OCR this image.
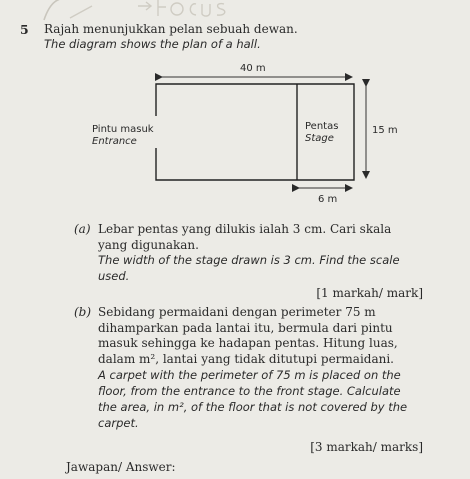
5 Rajah menunjukkan pelan sebuah dewan.
The diagram shows the plan of a hall.
40 m
15 m
6 m
Pintu masuk
Entrance
Pentas
Stage
(a) Lebar pentas yang dilukis ialah 3 cm. Cari skala
yang digunakan.
The width of the stage drawn is 3 cm. Find the scale
used.
[1 markah/ mark]
(b) Sebidang permaidani dengan perimeter 75 m
dihamparkan pada lantai itu, bermula dari pintu
masuk sehingga ke hadapan pentas. Hitung luas,
dalam m², lantai yang tidak ditutupi permaidani.
A carpet with the perimeter of 75 m is placed on the
floor, from the entrance to the front stage. Calculate
the area, in m², of the floor that is not covered by the
carpet.
[3 markah/ marks]
Jawapan/ Answer:
